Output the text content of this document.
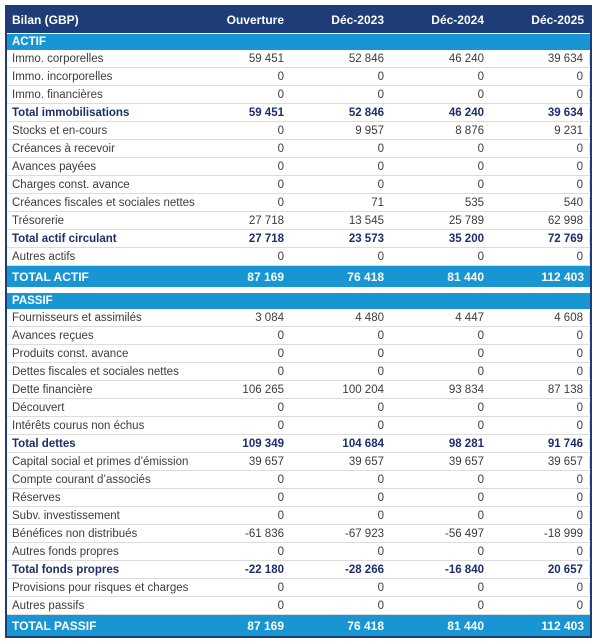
Bilan (GBP)	Ouverture	Déc-2023	Déc-2024	Déc-2025
ACTIF
Immo. corporelles	59 451	52 846	46 240	39 634
Immo. incorporelles	0	0	0	0
Immo. financières	0	0	0	0
Total immobilisations	59 451	52 846	46 240	39 634
Stocks et en-cours	0	9 957	8 876	9 231
Créances à recevoir	0	0	0	0
Avances payées	0	0	0	0
Charges const. avance	0	0	0	0
Créances fiscales et sociales nettes	0	71	535	540
Trésorerie	27 718	13 545	25 789	62 998
Total actif circulant	27 718	23 573	35 200	72 769
Autres actifs	0	0	0	0
TOTAL ACTIF	87 169	76 418	81 440	112 403
PASSIF
Fournisseurs et assimilés	3 084	4 480	4 447	4 608
Avances reçues	0	0	0	0
Produits const. avance	0	0	0	0
Dettes fiscales et sociales nettes	0	0	0	0
Dette financière	106 265	100 204	93 834	87 138
Découvert	0	0	0	0
Intérêts courus non échus	0	0	0	0
Total dettes	109 349	104 684	98 281	91 746
Capital social et primes d’émission	39 657	39 657	39 657	39 657
Compte courant d’associés	0	0	0	0
Réserves	0	0	0	0
Subv. investissement	0	0	0	0
Bénéfices non distribués	-61 836	-67 923	-56 497	-18 999
Autres fonds propres	0	0	0	0
Total fonds propres	-22 180	-28 266	-16 840	20 657
Provisions pour risques et charges	0	0	0	0
Autres passifs	0	0	0	0
TOTAL PASSIF	87 169	76 418	81 440	112 403
